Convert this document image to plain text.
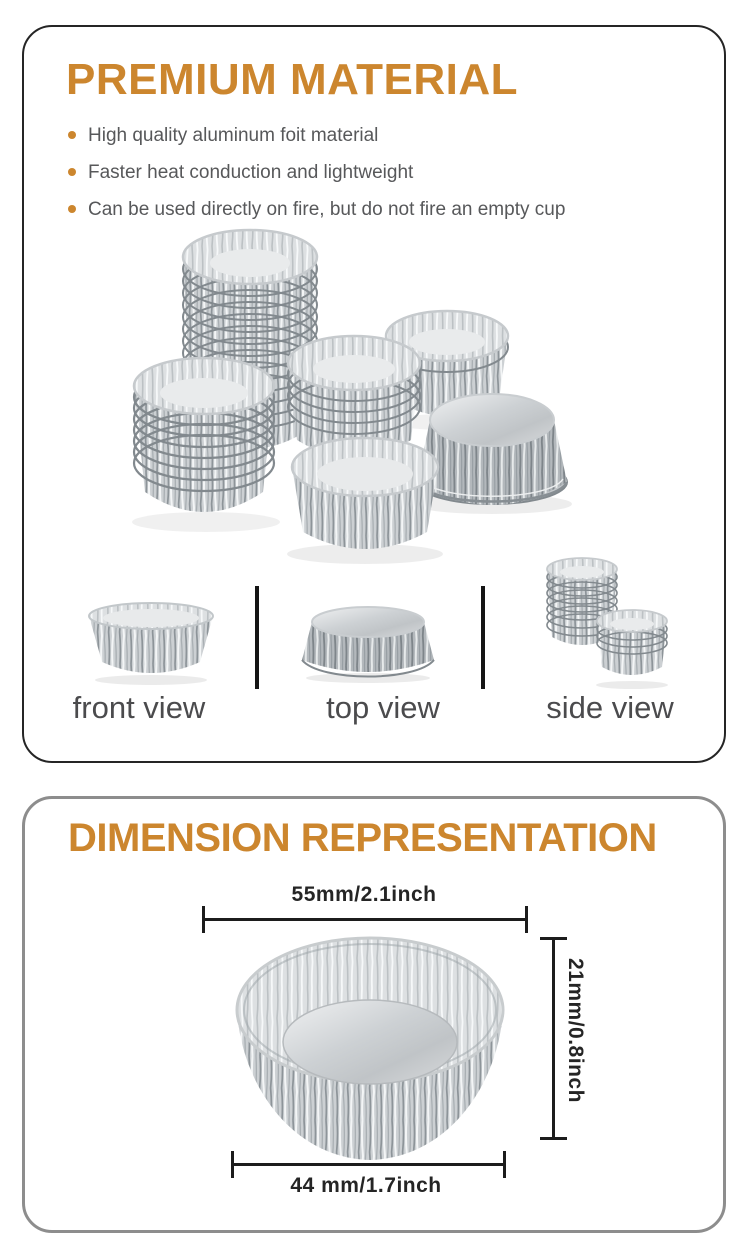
PREMIUM MATERIAL
High quality aluminum foit material
Faster heat conduction and lightweight
Can be used directly on fire, but do not fire an empty cup
front view	top view	side view
DIMENSION REPRESENTATION
55mm/2.1inch
21mm/0.8inch
44 mm/1.7inch
